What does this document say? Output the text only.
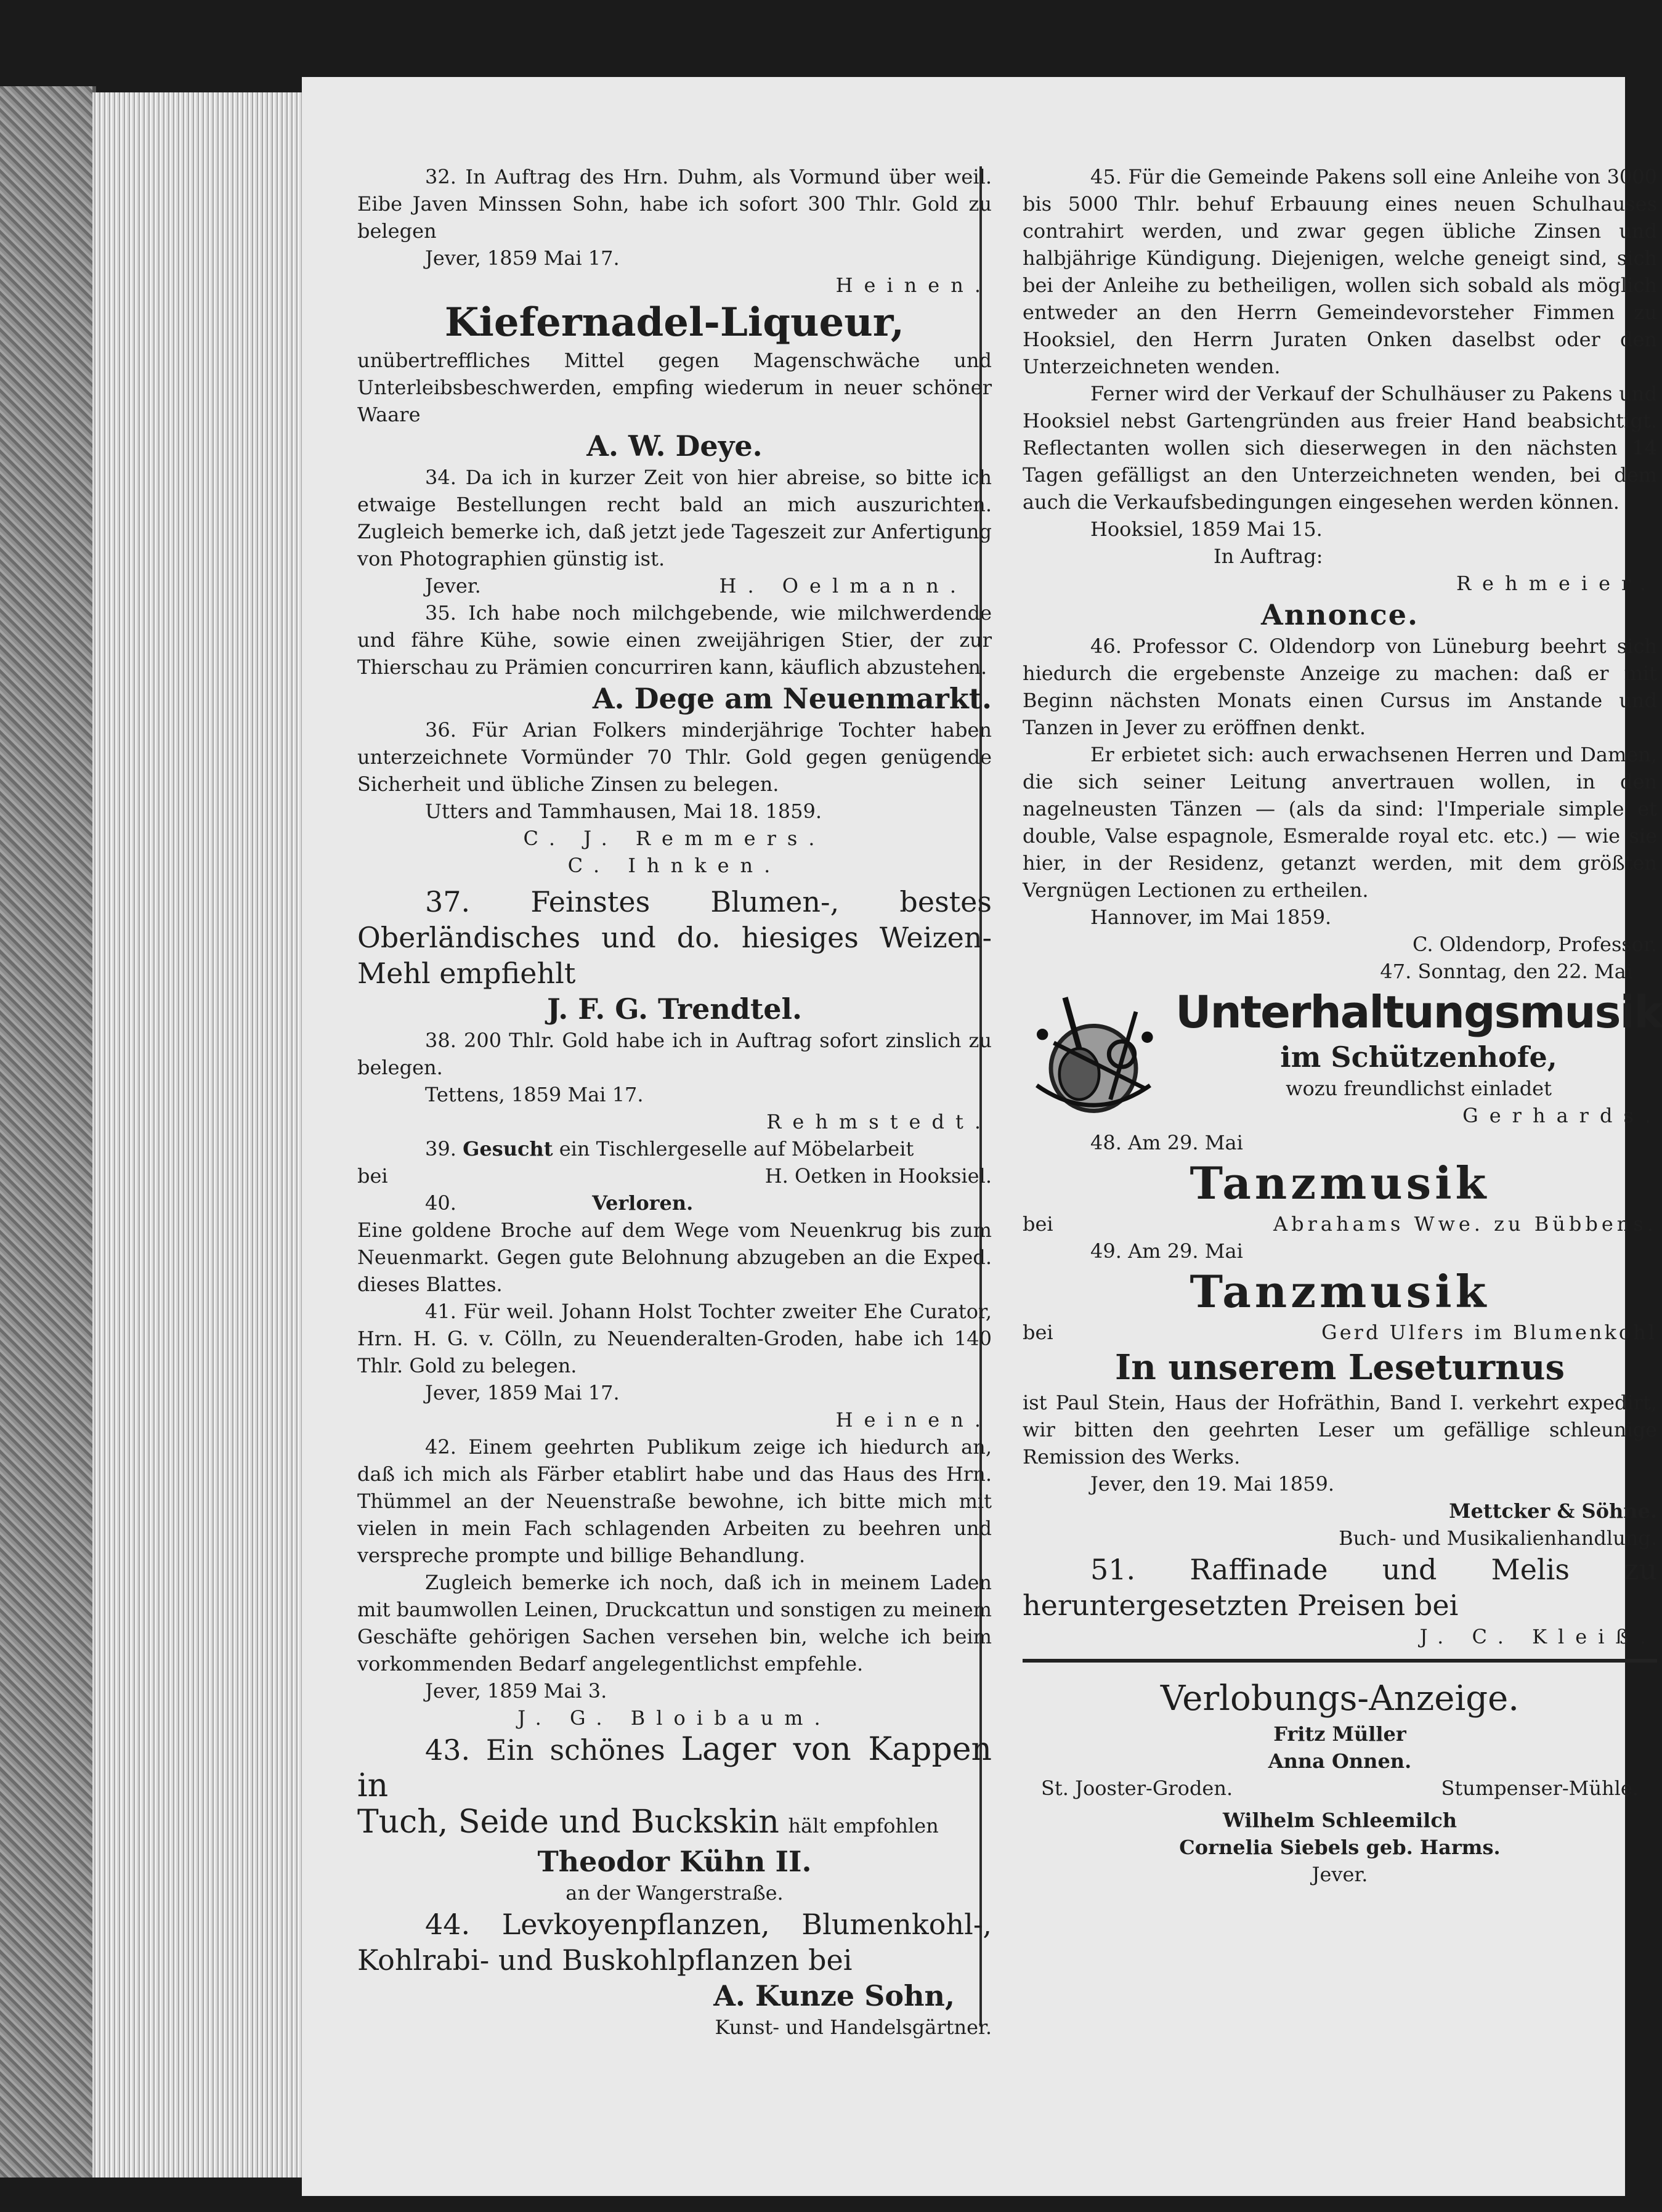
32. In Auftrag des Hrn. Duhm, als Vormund über weil. Eibe Javen Minssen Sohn, habe ich sofort 300 Thlr. Gold zu belegen

Jever, 1859 Mai 17.

Heinen.

Kiefernadel-Liqueur,

unübertreffliches Mittel gegen Magenschwäche und Unterleibsbeschwerden, empfing wiederum in neuer schöner Waare

A. W. Deye.

34. Da ich in kurzer Zeit von hier abreise, so bitte ich etwaige Bestellungen recht bald an mich auszurichten. Zugleich bemerke ich, daß jetzt jede Tageszeit zur Anfertigung von Photographien günstig ist.

Jever.	H. Oelmann.

35. Ich habe noch milchgebende, wie milchwerdende und fähre Kühe, sowie einen zweijährigen Stier, der zur Thierschau zu Prämien concurriren kann, käuflich abzustehen.

A. Dege am Neuenmarkt.

36. Für Arian Folkers minderjährige Tochter haben unterzeichnete Vormünder 70 Thlr. Gold gegen genügende Sicherheit und übliche Zinsen zu belegen.

Utters and Tammhausen, Mai 18. 1859.

C. J. Remmers.

C. Ihnken.

37. Feinstes Blumen-, bestes Oberländisches und do. hiesiges Weizen-Mehl empfiehlt

J. F. G. Trendtel.

38. 200 Thlr. Gold habe ich in Auftrag sofort zinslich zu belegen.

Tettens, 1859 Mai 17.

Rehmstedt.

39. Gesucht ein Tischlergeselle auf Möbelarbeit

bei	H. Oetken in Hooksiel.

40.	Verloren.

Eine goldene Broche auf dem Wege vom Neuenkrug bis zum Neuenmarkt. Gegen gute Belohnung abzugeben an die Exped. dieses Blattes.

41. Für weil. Johann Holst Tochter zweiter Ehe Curator, Hrn. H. G. v. Cölln, zu Neuenderalten-Groden, habe ich 140 Thlr. Gold zu belegen.

Jever, 1859 Mai 17.

Heinen.

42. Einem geehrten Publikum zeige ich hiedurch an, daß ich mich als Färber etablirt habe und das Haus des Hrn. Thümmel an der Neuenstraße bewohne, ich bitte mich mit vielen in mein Fach schlagenden Arbeiten zu beehren und verspreche prompte und billige Behandlung.

Zugleich bemerke ich noch, daß ich in meinem Laden mit baumwollen Leinen, Druckcattun und sonstigen zu meinem Geschäfte gehörigen Sachen versehen bin, welche ich beim vorkommenden Bedarf angelegentlichst empfehle.

Jever, 1859 Mai 3.

J. G. Bloibaum.

43. Ein schönes Lager von Kappen in

Tuch, Seide und Buckskin hält empfohlen

Theodor Kühn II.

an der Wangerstraße.

44. Levkoyenpflanzen, Blumenkohl-, Kohlrabi- und Buskohlpflanzen bei

A. Kunze Sohn,

Kunst- und Handelsgärtner.

45. Für die Gemeinde Pakens soll eine Anleihe von 3000 bis 5000 Thlr. behuf Erbauung eines neuen Schulhauses contrahirt werden, und zwar gegen übliche Zinsen und halbjährige Kündigung. Diejenigen, welche geneigt sind, sich bei der Anleihe zu betheiligen, wollen sich sobald als möglich entweder an den Herrn Gemeindevorsteher Fimmen zu Hooksiel, den Herrn Juraten Onken daselbst oder den Unterzeichneten wenden.

Ferner wird der Verkauf der Schulhäuser zu Pakens und Hooksiel nebst Gartengründen aus freier Hand beabsichtigt. Reflectanten wollen sich dieserwegen in den nächsten 14 Tagen gefälligst an den Unterzeichneten wenden, bei dem auch die Verkaufsbedingungen eingesehen werden können.

Hooksiel, 1859 Mai 15.

In Auftrag:

Rehmeier.

Annonce.

46. Professor C. Oldendorp von Lüneburg beehrt sich hiedurch die ergebenste Anzeige zu machen: daß er mit Beginn nächsten Monats einen Cursus im Anstande und Tanzen in Jever zu eröffnen denkt.

Er erbietet sich: auch erwachsenen Herren und Damen, die sich seiner Leitung anvertrauen wollen, in den nagelneusten Tänzen — (als da sind: l'Imperiale simple et double, Valse espagnole, Esmeralde royal etc. etc.) — wie sie hier, in der Residenz, getanzt werden, mit dem größten Vergnügen Lectionen zu ertheilen.

Hannover, im Mai 1859.

C. Oldendorp, Professor.

47. Sonntag, den 22. Mai

Unterhaltungsmusik

im Schützenhofe,

wozu freundlichst einladet

Gerhards.

48. Am 29. Mai

Tanzmusik

bei	Abrahams Wwe. zu Bübbens.

49. Am 29. Mai

Tanzmusik

bei	Gerd Ulfers im Blumenkohl

In unserem Leseturnus

ist Paul Stein, Haus der Hofräthin, Band I. verkehrt expedirt, wir bitten den geehrten Leser um gefällige schleunige Remission des Werks.

Jever, den 19. Mai 1859.

Mettcker & Söhne.

Buch- und Musikalienhandlung.

51. Raffinade und Melis zu heruntergesetzten Preisen bei

J. C. Kleiß.

Verlobungs-Anzeige.

Fritz Müller

Anna Onnen.

St. Jooster-Groden.	Stumpenser-Mühle.

Wilhelm Schleemilch

Cornelia Siebels geb. Harms.

Jever.
